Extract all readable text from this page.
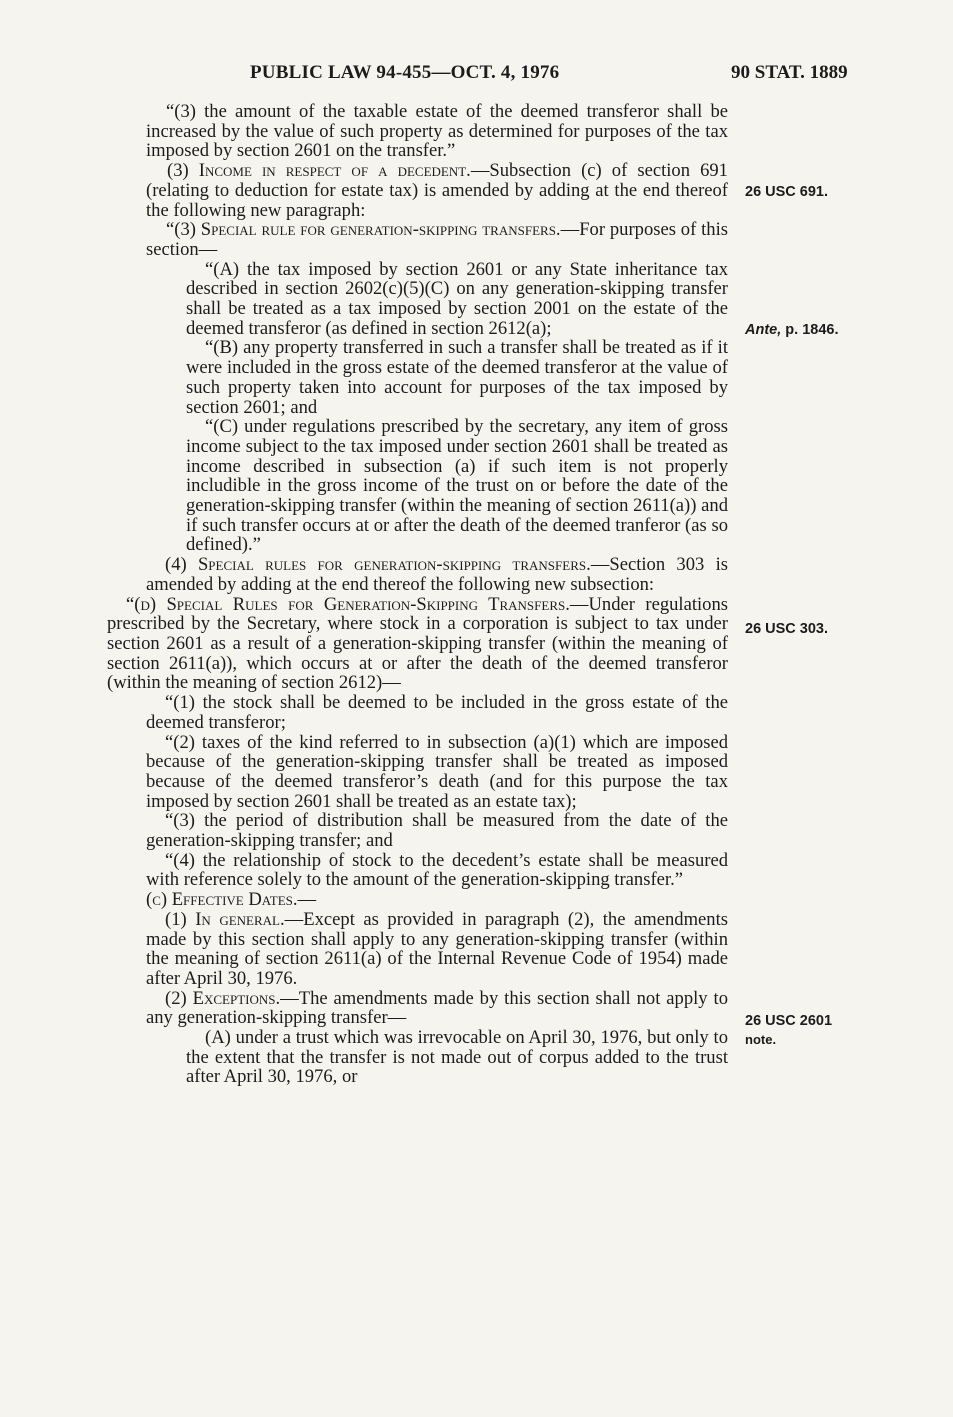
PUBLIC LAW 94-455—OCT. 4, 1976	90 STAT. 1889

“(3) the amount of the taxable estate of the deemed transferor shall be increased by the value of such property as determined for purposes of the tax imposed by section 2601 on the transfer.”

(3) Income in respect of a decedent.—Subsection (c) of section 691 (relating to deduction for estate tax) is amended by adding at the end thereof the following new paragraph:

“(3) Special rule for generation-skipping transfers.—For purposes of this section—

“(A) the tax imposed by section 2601 or any State inheritance tax described in section 2602(c)(5)(C) on any generation-skipping transfer shall be treated as a tax imposed by section 2001 on the estate of the deemed transferor (as defined in section 2612(a);

“(B) any property transferred in such a transfer shall be treated as if it were included in the gross estate of the deemed transferor at the value of such property taken into account for purposes of the tax imposed by section 2601; and

“(C) under regulations prescribed by the secretary, any item of gross income subject to the tax imposed under section 2601 shall be treated as income described in subsection (a) if such item is not properly includible in the gross income of the trust on or before the date of the generation-skipping transfer (within the meaning of section 2611(a)) and if such transfer occurs at or after the death of the deemed tranferor (as so defined).”

(4) Special rules for generation-skipping transfers.—Section 303 is amended by adding at the end thereof the following new subsection:

“(d) Special Rules for Generation-Skipping Transfers.—Under regulations prescribed by the Secretary, where stock in a corporation is subject to tax under section 2601 as a result of a generation-skipping transfer (within the meaning of section 2611(a)), which occurs at or after the death of the deemed transferor (within the meaning of section 2612)—

“(1) the stock shall be deemed to be included in the gross estate of the deemed transferor;

“(2) taxes of the kind referred to in subsection (a)(1) which are imposed because of the generation-skipping transfer shall be treated as imposed because of the deemed transferor’s death (and for this purpose the tax imposed by section 2601 shall be treated as an estate tax);

“(3) the period of distribution shall be measured from the date of the generation-skipping transfer; and

“(4) the relationship of stock to the decedent’s estate shall be measured with reference solely to the amount of the generation-skipping transfer.”

(c) Effective Dates.—

(1) In general.—Except as provided in paragraph (2), the amendments made by this section shall apply to any generation-skipping transfer (within the meaning of section 2611(a) of the Internal Revenue Code of 1954) made after April 30, 1976.

(2) Exceptions.—The amendments made by this section shall not apply to any generation-skipping transfer—

(A) under a trust which was irrevocable on April 30, 1976, but only to the extent that the transfer is not made out of corpus added to the trust after April 30, 1976, or

26 USC 691.
Ante, p. 1846.
26 USC 303.
26 USC 2601
note.
